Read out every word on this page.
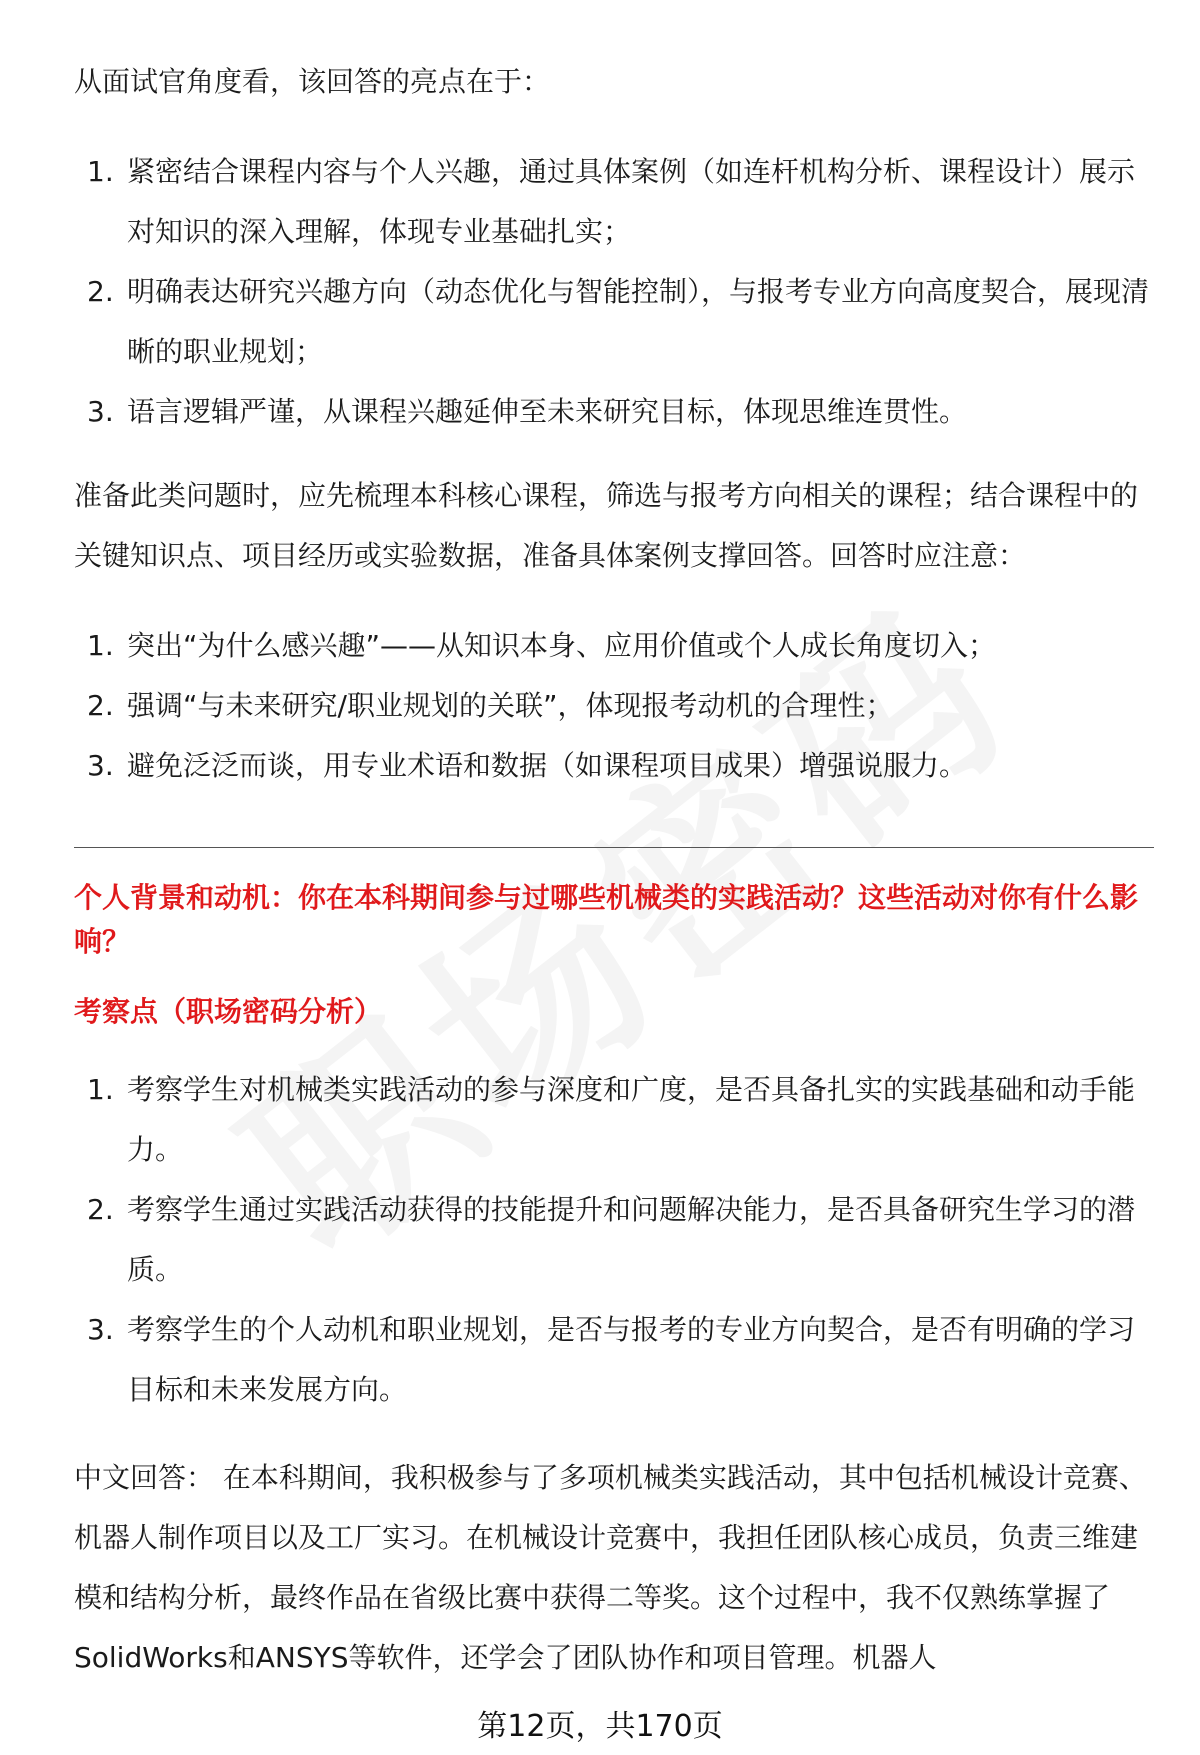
从面试官角度看，该回答的亮点在于：

1. 紧密结合课程内容与个人兴趣，通过具体案例（如连杆机构分析、课程设计）展示对知识的深入理解，体现专业基础扎实；
2. 明确表达研究兴趣方向（动态优化与智能控制），与报考专业方向高度契合，展现清晰的职业规划；
3. 语言逻辑严谨，从课程兴趣延伸至未来研究目标，体现思维连贯性。

准备此类问题时，应先梳理本科核心课程，筛选与报考方向相关的课程；结合课程中的关键知识点、项目经历或实验数据，准备具体案例支撑回答。回答时应注意：

1. 突出“为什么感兴趣”——从知识本身、应用价值或个人成长角度切入；
2. 强调“与未来研究/职业规划的关联”，体现报考动机的合理性；
3. 避免泛泛而谈，用专业术语和数据（如课程项目成果）增强说服力。
个人背景和动机：你在本科期间参与过哪些机械类的实践活动？这些活动对你有什么影响？
考察点（职场密码分析）
1. 考察学生对机械类实践活动的参与深度和广度，是否具备扎实的实践基础和动手能力。
2. 考察学生通过实践活动获得的技能提升和问题解决能力，是否具备研究生学习的潜质。
3. 考察学生的个人动机和职业规划，是否与报考的专业方向契合，是否有明确的学习目标和未来发展方向。

中文回答： 在本科期间，我积极参与了多项机械类实践活动，其中包括机械设计竞赛、机器人制作项目以及工厂实习。在机械设计竞赛中，我担任团队核心成员，负责三维建模和结构分析，最终作品在省级比赛中获得二等奖。这个过程中，我不仅熟练掌握了SolidWorks和ANSYS等软件，还学会了团队协作和项目管理。机器人

第12页，共170页
